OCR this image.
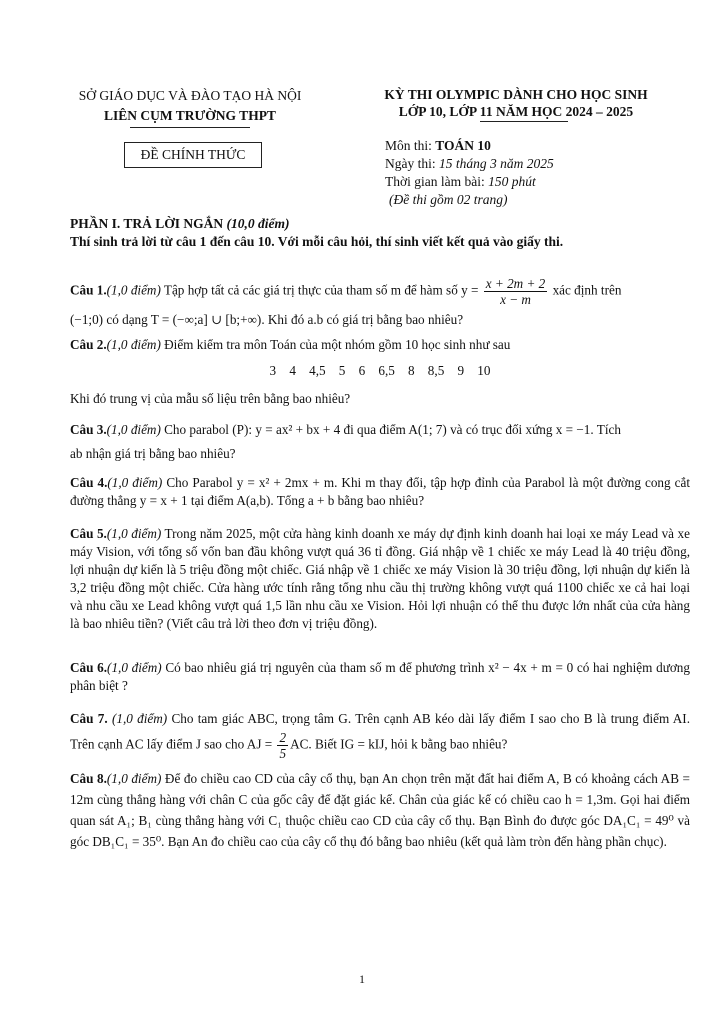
SỞ GIÁO DỤC VÀ ĐÀO TẠO HÀ NỘI
LIÊN CỤM TRƯỜNG THPT
KỲ THI OLYMPIC DÀNH CHO HỌC SINH
LỚP 10, LỚP 11 NĂM HỌC 2024 – 2025
ĐỀ CHÍNH THỨC
Môn thi: TOÁN 10
Ngày thi: 15 tháng 3 năm 2025
Thời gian làm bài: 150 phút
(Đề thi gồm 02 trang)
PHẦN I. TRẢ LỜI NGẮN (10,0 điểm)
Thí sinh trả lời từ câu 1 đến câu 10. Với mỗi câu hỏi, thí sinh viết kết quả vào giấy thi.
Câu 1.(1,0 điểm) Tập hợp tất cả các giá trị thực của tham số m để hàm số $y = \frac{x + 2m + 2}{x - m}$ xác định trên
(−1;0) có dạng T = (−∞;a] ∪ [b;+∞). Khi đó a.b có giá trị bằng bao nhiêu?
Câu 2.(1,0 điểm) Điểm kiểm tra môn Toán của một nhóm gồm 10 học sinh như sau
3    4    4,5    5    6    6,5    8    8,5    9    10
Khi đó trung vị của mẫu số liệu trên bằng bao nhiêu?
Câu 3.(1,0 điểm) Cho parabol (P): y = ax² + bx + 4 đi qua điểm A(1; 7) và có trục đối xứng x = −1. Tích
ab nhận giá trị bằng bao nhiêu?
Câu 4.(1,0 điểm) Cho Parabol y = x² + 2mx + m. Khi m thay đổi, tập hợp đỉnh của Parabol là một đường cong cắt đường thẳng y = x + 1 tại điểm A(a,b). Tổng a + b bằng bao nhiêu?
Câu 5.(1,0 điểm) Trong năm 2025, một cửa hàng kinh doanh xe máy dự định kinh doanh hai loại xe máy Lead và xe máy Vision, với tổng số vốn ban đầu không vượt quá 36 tỉ đồng. Giá nhập về 1 chiếc xe máy Lead là 40 triệu đồng, lợi nhuận dự kiến là 5 triệu đồng một chiếc. Giá nhập về 1 chiếc xe máy Vision là 30 triệu đồng, lợi nhuận dự kiến là 3,2 triệu đồng một chiếc. Cửa hàng ước tính rằng tổng nhu cầu thị trường không vượt quá 1100 chiếc xe cả hai loại và nhu cầu xe Lead không vượt quá 1,5 lần nhu cầu xe Vision. Hỏi lợi nhuận có thể thu được lớn nhất của cửa hàng là bao nhiêu tiền? (Viết câu trả lời theo đơn vị triệu đồng).
Câu 6.(1,0 điểm) Có bao nhiêu giá trị nguyên của tham số m để phương trình x² − 4x + m = 0 có hai nghiệm dương phân biệt ?
Câu 7. (1,0 điểm) Cho tam giác ABC, trọng tâm G. Trên cạnh AB kéo dài lấy điểm I sao cho B là trung điểm AI. Trên cạnh AC lấy điểm J sao cho AJ = $\frac{2}{5}$ AC. Biết IG = kIJ, hỏi k bằng bao nhiêu?
Câu 8.(1,0 điểm) Để đo chiều cao CD của cây cổ thụ, bạn An chọn trên mặt đất hai điểm A, B có khoảng cách AB = 12m cùng thẳng hàng với chân C của gốc cây để đặt giác kế. Chân của giác kế có chiều cao h = 1,3m. Gọi hai điểm quan sát A₁; B₁ cùng thẳng hàng với C₁ thuộc chiều cao CD của cây cổ thụ. Bạn Bình đo được góc DA₁C₁ = 49⁰ và góc DB₁C₁ = 35⁰. Bạn An đo chiều cao của cây cổ thụ đó bằng bao nhiêu (kết quả làm tròn đến hàng phần chục).
1
